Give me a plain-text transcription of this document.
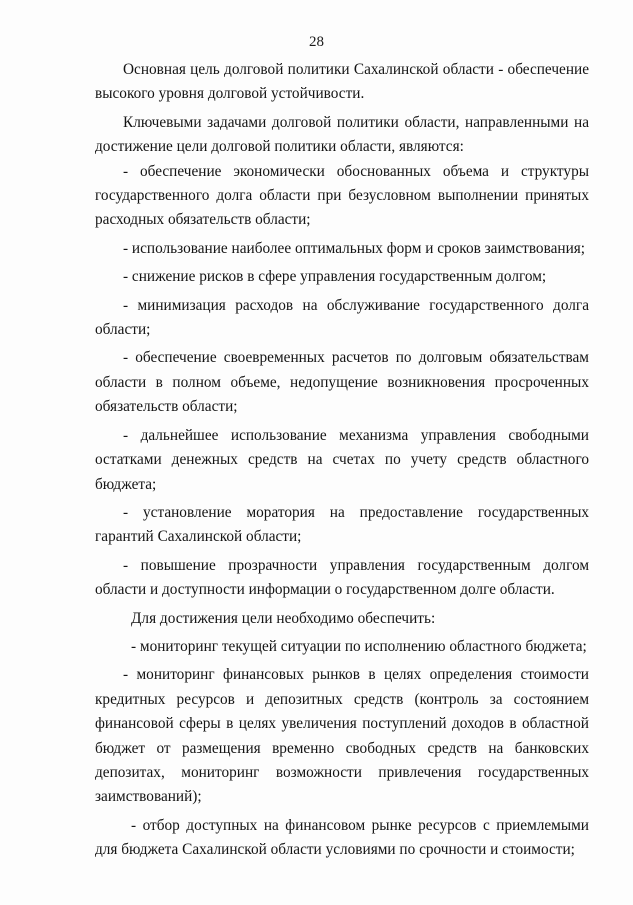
28

Основная цель долговой политики Сахалинской области - обеспечение высокого уровня долговой устойчивости.

Ключевыми задачами долговой политики области, направленными на достижение цели долговой политики области, являются:

- обеспечение экономически обоснованных объема и структуры государственного долга области при безусловном выполнении принятых расходных обязательств области;

- использование наиболее оптимальных форм и сроков заимствования;

- снижение рисков в сфере управления государственным долгом;

- минимизация расходов на обслуживание государственного долга области;

- обеспечение своевременных расчетов по долговым обязательствам области в полном объеме, недопущение возникновения просроченных обязательств области;

- дальнейшее использование механизма управления свободными остатками денежных средств на счетах по учету средств областного бюджета;

- установление моратория на предоставление государственных гарантий Сахалинской области;

- повышение прозрачности управления государственным долгом области и доступности информации о государственном долге области.

Для достижения цели необходимо обеспечить:

- мониторинг текущей ситуации по исполнению областного бюджета;

- мониторинг финансовых рынков в целях определения стоимости кредитных ресурсов и депозитных средств (контроль за состоянием финансовой сферы в целях увеличения поступлений доходов в областной бюджет от размещения временно свободных средств на банковских депозитах, мониторинг возможности привлечения государственных заимствований);

- отбор доступных на финансовом рынке ресурсов с приемлемыми для бюджета Сахалинской области условиями по срочности и стоимости;
